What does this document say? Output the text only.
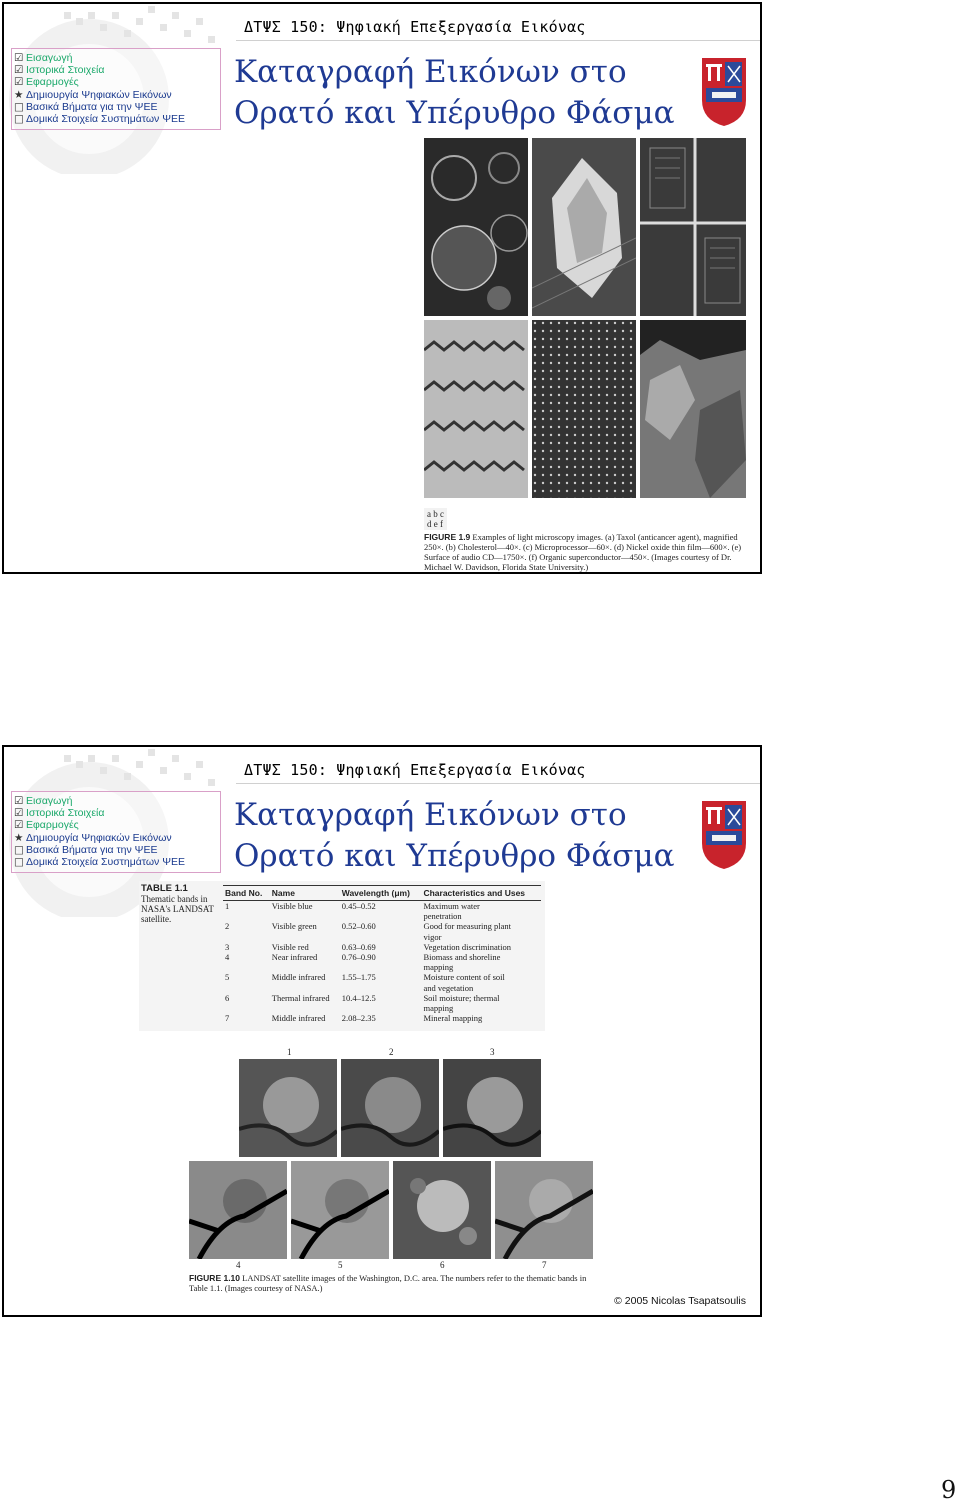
ΔΤΨΣ 150: Ψηφιακή Επεξεργασία Εικόνας
☑ Εισαγωγή
☑ Ιστορικά Στοιχεία
☑ Εφαρμογές
★ Δημιουργία Ψηφιακών Εικόνων
□ Βασικά Βήματα για την ΨΕΕ
□ Δομικά Στοιχεία Συστημάτων ΨΕΕ
Καταγραφή Εικόνων στο
Ορατό και Υπέρυθρο Φάσμα
a b c
d e f
FIGURE 1.9 Examples of light microscopy images. (a) Taxol (anticancer agent), magnified 250×. (b) Cholesterol—40×. (c) Microprocessor—60×. (d) Nickel oxide thin film—600×. (e) Surface of audio CD—1750×. (f) Organic superconductor—450×. (Images courtesy of Dr. Michael W. Davidson, Florida State University.)
ΔΤΨΣ 150: Ψηφιακή Επεξεργασία Εικόνας
☑ Εισαγωγή
☑ Ιστορικά Στοιχεία
☑ Εφαρμογές
★ Δημιουργία Ψηφιακών Εικόνων
□ Βασικά Βήματα για την ΨΕΕ
□ Δομικά Στοιχεία Συστημάτων ΨΕΕ
Καταγραφή Εικόνων στο
Ορατό και Υπέρυθρο Φάσμα
TABLE 1.1
Thematic bands in NASA's LANDSAT satellite.
Band No.	Name	Wavelength (μm)	Characteristics and Uses
1	Visible blue	0.45–0.52	Maximum water
			penetration
2	Visible green	0.52–0.60	Good for measuring plant
			vigor
3	Visible red	0.63–0.69	Vegetation discrimination
4	Near infrared	0.76–0.90	Biomass and shoreline
			mapping
5	Middle infrared	1.55–1.75	Moisture content of soil
			and vegetation
6	Thermal infrared	10.4–12.5	Soil moisture; thermal
			mapping
7	Middle infrared	2.08–2.35	Mineral mapping
1	2	3
4	5	6	7
FIGURE 1.10 LANDSAT satellite images of the Washington, D.C. area. The numbers refer to the thematic bands in Table 1.1. (Images courtesy of NASA.)
© 2005 Nicolas Tsapatsoulis
9
